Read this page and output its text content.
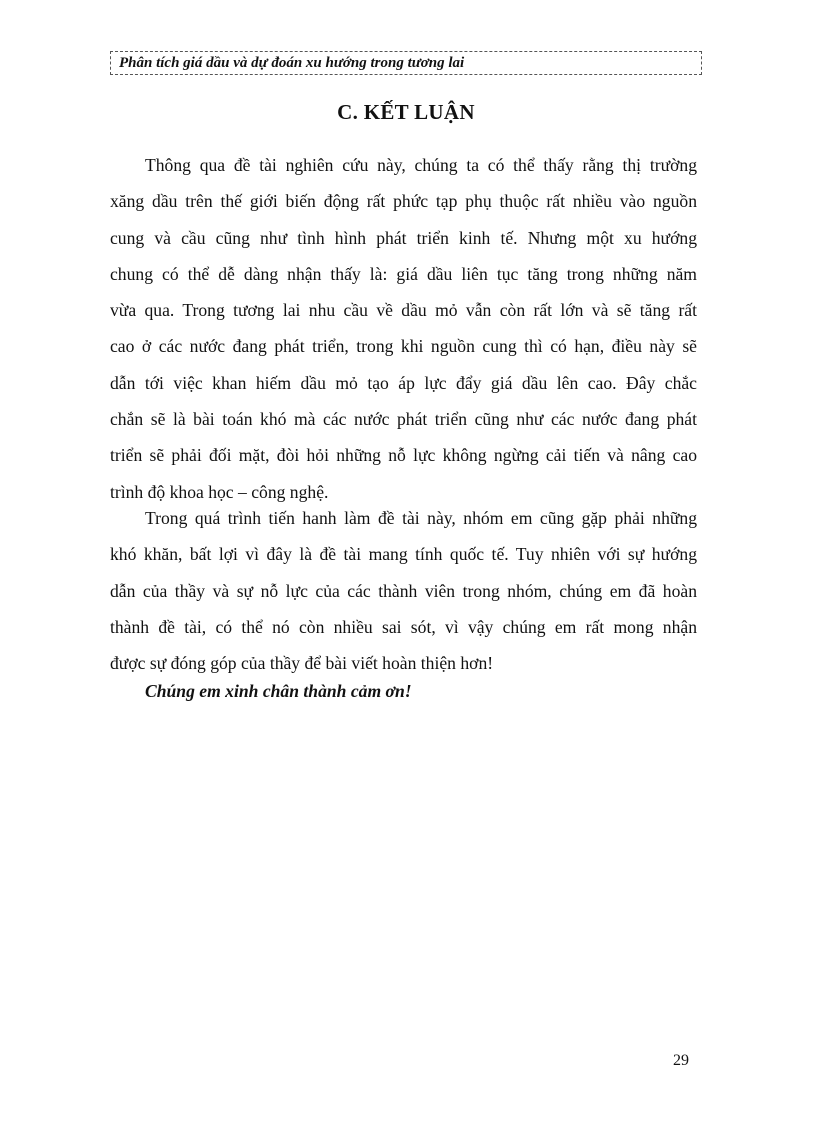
Phân tích giá dầu và dự đoán xu hướng trong tương lai
C. KẾT LUẬN
Thông qua đề tài nghiên cứu này, chúng ta có thể thấy rằng thị trường
xăng dầu trên thế giới biến động rất phức tạp phụ thuộc rất nhiều vào nguồn
cung và cầu cũng như tình hình phát triển kinh tế. Nhưng một xu hướng
chung có thể dễ dàng nhận thấy là: giá dầu liên tục tăng trong những năm
vừa qua. Trong tương lai nhu cầu về dầu mỏ vẫn còn rất lớn và sẽ tăng rất
cao ở các nước đang phát triển, trong khi nguồn cung thì có hạn, điều này sẽ
dẫn tới việc khan hiếm dầu mỏ tạo áp lực đẩy giá dầu lên cao. Đây chắc
chắn sẽ là bài toán khó mà các nước phát triển cũng như các nước đang phát
triển sẽ phải đối mặt, đòi hỏi những nỗ lực không ngừng cải tiến và nâng cao
trình độ khoa học – công nghệ.
Trong quá trình tiến hanh làm đề tài này, nhóm em cũng gặp phải những
khó khăn, bất lợi vì đây là đề tài mang tính quốc tế. Tuy nhiên với sự hướng
dẫn của thầy và sự nỗ lực của các thành viên trong nhóm, chúng em đã hoàn
thành đề tài, có thể nó còn nhiều sai sót, vì vậy chúng em rất mong nhận
được sự đóng góp của thầy để bài viết hoàn thiện hơn!
Chúng em xinh chân thành cảm ơn!
29
